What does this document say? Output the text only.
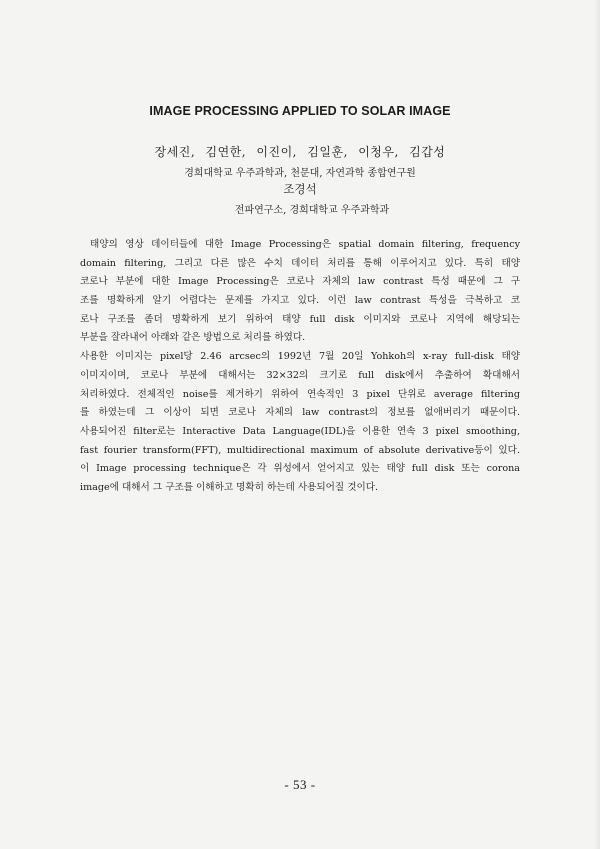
IMAGE PROCESSING APPLIED TO SOLAR IMAGE
장세진, 김연한, 이진이, 김일훈, 이청우, 김갑성
경희대학교 우주과학과, 천문대, 자연과학 종합연구원
조경석
전파연구소, 경희대학교 우주과학과
태양의 영상 데이터들에 대한 Image Processing은 spatial domain filtering, frequency
domain filtering, 그리고 다른 많은 수치 데이터 처리를 통해 이루어지고 있다. 특히 태양
코로나 부분에 대한 Image Processing은 코로나 자체의 law contrast 특성 때문에 그 구
조를 명확하게 알기 어렵다는 문제를 가지고 있다. 이런 law contrast 특성을 극복하고 코
로나 구조를 좀더 명확하게 보기 위하여 태양 full disk 이미지와 코로나 지역에 해당되는
부분을 잘라내어 아래와 같은 방법으로 처리를 하였다.
사용한 이미지는 pixel당 2.46 arcsec의 1992년 7월 20일 Yohkoh의 x-ray full-disk 태양
이미지이며, 코로나 부분에 대해서는 32×32의 크기로 full disk에서 추출하여 확대해서
처리하였다. 전체적인 noise를 제거하기 위하여 연속적인 3 pixel 단위로 average filtering
를 하였는데 그 이상이 되면 코로나 자체의 law contrast의 정보를 없애버리기 때문이다.
사용되어진 filter로는 Interactive Data Language(IDL)을 이용한 연속 3 pixel smoothing,
fast fourier transform(FFT), multidirectional maximum of absolute derivative등이 있다.
이 Image processing technique은 각 위성에서 얻어지고 있는 태양 full disk 또는 corona
image에 대해서 그 구조를 이해하고 명확히 하는데 사용되어질 것이다.
- 53 -
